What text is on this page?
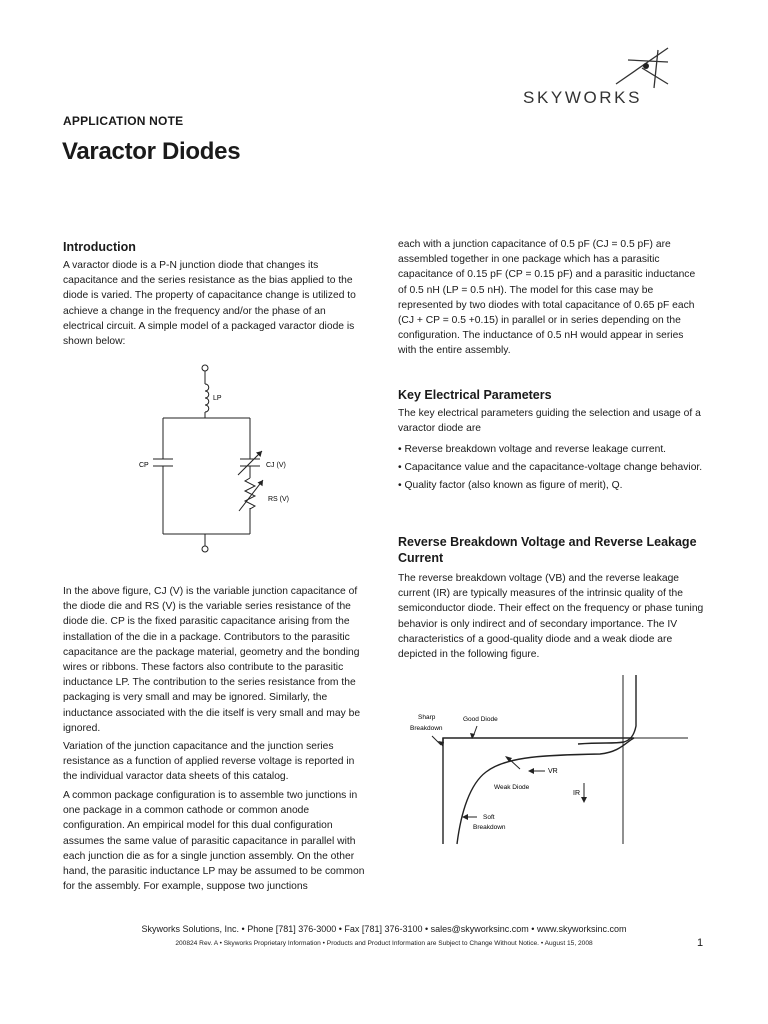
SKYWORKS
APPLICATION NOTE
Varactor Diodes
Introduction

A varactor diode is a P-N junction diode that changes its capacitance and the series resistance as the bias applied to the diode is varied. The property of capacitance change is utilized to achieve a change in the frequency and/or the phase of an electrical circuit. A simple model of a packaged varactor diode is shown below:

LP
CP	CJ (V)
RS (V)

In the above figure, CJ (V) is the variable junction capacitance of the diode die and RS (V) is the variable series resistance of the diode die. CP is the fixed parasitic capacitance arising from the installation of the die in a package. Contributors to the parasitic capacitance are the package material, geometry and the bonding wires or ribbons. These factors also contribute to the parasitic inductance LP. The contribution to the series resistance from the packaging is very small and may be ignored. Similarly, the inductance associated with the die itself is very small and may be ignored.

Variation of the junction capacitance and the junction series resistance as a function of applied reverse voltage is reported in the individual varactor data sheets of this catalog.

A common package configuration is to assemble two junctions in one package in a common cathode or common anode configuration. An empirical model for this dual configuration assumes the same value of parasitic capacitance in parallel with each junction die as for a single junction assembly. On the other hand, the parasitic inductance LP may be assumed to be common for the assembly. For example, suppose two junctions

each with a junction capacitance of 0.5 pF (CJ = 0.5 pF) are assembled together in one package which has a parasitic capacitance of 0.15 pF (CP = 0.15 pF) and a parasitic inductance of 0.5 nH (LP = 0.5 nH). The model for this case may be represented by two diodes with total capacitance of 0.65 pF each (CJ + CP = 0.5 +0.15) in parallel or in series depending on the configuration. The inductance of 0.5 nH would appear in series with the entire assembly.

Key Electrical Parameters

The key electrical parameters guiding the selection and usage of a varactor diode are

• Reverse breakdown voltage and reverse leakage current.
• Capacitance value and the capacitance-voltage change behavior.
• Quality factor (also known as figure of merit), Q.
Reverse Breakdown Voltage and Reverse Leakage Current

The reverse breakdown voltage (VB) and the reverse leakage current (IR) are typically measures of the intrinsic quality of the semiconductor diode. Their effect on the frequency or phase tuning behavior is only indirect and of secondary importance. The IV characteristics of a good-quality diode and a weak diode are depicted in the following figure.

Sharp
Breakdown
Good Diode
VR
Weak Diode
IR
Soft
Breakdown
Skyworks Solutions, Inc. • Phone [781] 376-3000 • Fax [781] 376-3100 • sales@skyworksinc.com • www.skyworksinc.com
200824 Rev. A • Skyworks Proprietary Information • Products and Product Information are Subject to Change Without Notice. • August 15, 2008	1
